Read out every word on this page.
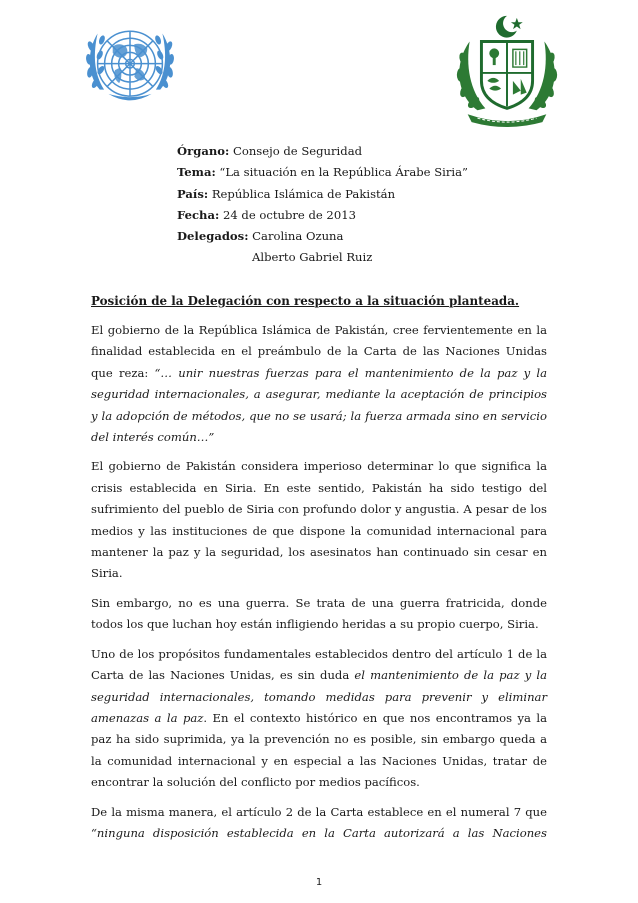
Órgano: Consejo de Seguridad
Tema: “La situación en la República Árabe Siria”
País: República Islámica de Pakistán
Fecha: 24 de octubre de 2013
Delegados: Carolina Ozuna
Alberto Gabriel Ruiz
Posición de la Delegación con respecto a la situación planteada.

El gobierno de la República Islámica de Pakistán, cree fervientemente en la finalidad establecida en el preámbulo de la Carta de las Naciones Unidas que reza: “… unir nuestras fuerzas para el mantenimiento de la paz y la seguridad internacionales, a asegurar, mediante la aceptación de principios y la adopción de métodos, que no se usará; la fuerza armada sino en servicio del interés común…”

El gobierno de Pakistán considera imperioso determinar lo que significa la crisis establecida en Siria. En este sentido, Pakistán ha sido testigo del sufrimiento del pueblo de Siria con profundo dolor y angustia. A pesar de los medios y las instituciones de que dispone la comunidad internacional para mantener la paz y la seguridad, los asesinatos han continuado sin cesar en Siria.

Sin embargo, no es una guerra. Se trata de una guerra fratricida, donde todos los que luchan hoy están infligiendo heridas a su propio cuerpo, Siria.

Uno de los propósitos fundamentales establecidos dentro del artículo 1 de la Carta de las Naciones Unidas, es sin duda el mantenimiento de la paz y la seguridad internacionales, tomando medidas para prevenir y eliminar amenazas a la paz. En el contexto histórico en que nos encontramos ya la paz ha sido suprimida, ya la prevención no es posible, sin embargo queda a la comunidad internacional y en especial a las Naciones Unidas, tratar de encontrar la solución del conflicto por medios pacíficos.

De la misma manera, el artículo 2 de la Carta establece en el numeral 7 que “ninguna disposición establecida en la Carta autorizará a las Naciones

1
